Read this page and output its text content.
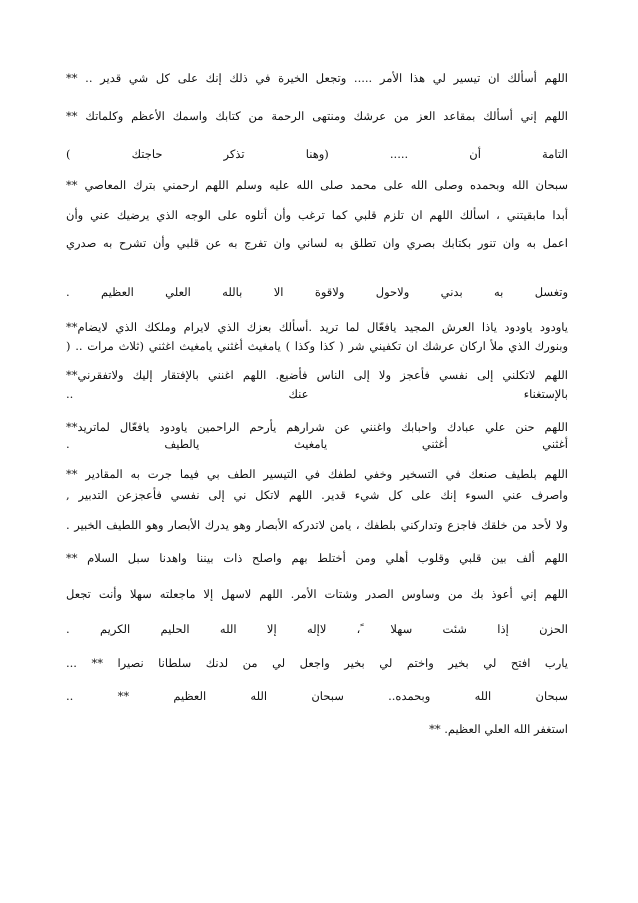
اللهم أسألك ان تيسير لي هذا الأمر ..... وتجعل الخيرة في ذلك إنك على كل شي قدير .. **
اللهم إني أسألك بمقاعد العز من عرشك ومنتهى الرحمة من كتابك واسمك الأعظم وكلماتك **
التامة أن ..... (وهنا تذكر حاجتك )
سبحان الله وبحمده وصلى الله على محمد صلى الله عليه وسلم اللهم ارحمني بترك المعاصي **
أبدا مابقيتني ، اسألك اللهم ان تلزم قلبي كما ترغب وأن أتلوه على الوجه الذي يرضيك عني وأن
اعمل به وان تنور بكتابك بصري وان تطلق به لساني وان تفرج به عن قلبي وأن تشرح به صدري
وتغسل به بدني ولاحول ولاقوة الا بالله العلي العظيم .
ياودود ياودود ياذا العرش المجيد يافعّال لما تريد .أسألك بعزك الذي لايرام وملكك الذي لايضام**
وبنورك الذي ملأ اركان عرشك ان تكفيني شر ( كذا وكذا ) يامغيث أغثني يامغيث اغثني (ثلاث مرات .. (
اللهم لاتكلني إلى نفسي فأعجز ولا إلى الناس فأضيع. اللهم اغنني بالإفتقار إليك ولاتفقرني**
بالإستغناء عنك ..
اللهم حنن علي عبادك واحبابك واغنني عن شرارهم يأرحم الراحمين ياودود يافعّال لماتريد**
أغثني أغثني يامغيث يالطيف .
اللهم بلطيف صنعك في التسخير وخفي لطفك في التيسير الطف بي فيما جرت به المقادير **
واصرف عني السوء إنك على كل شيء قدير. اللهم لاتكل ني إلى نفسي فأعجزعن التدبير ,
ولا لأحد من خلقك فاجزع وتداركني بلطفك ، يامن لاتدركه الأبصار وهو يدرك الأبصار وهو اللطيف الخبير .
اللهم ألف بين قلبي وقلوب أهلي ومن أختلط بهم واصلح ذات بيننا واهدنا سبل السلام **
اللهم إني أعوذ بك من وساوس الصدر وشتات الأمر. اللهم لاسهل إلا ماجعلته سهلا وأنت تجعل
الحزن إذا شئت سهلا ً، لاإله إلا الله الحليم الكريم .
يارب افتح لي بخير واختم لي بخير واجعل لي من لدنك سلطانا نصيرا ** ...
سبحان الله وبحمده.. سبحان الله العظيم ** ..
استغفر الله العلي العظيم. **
